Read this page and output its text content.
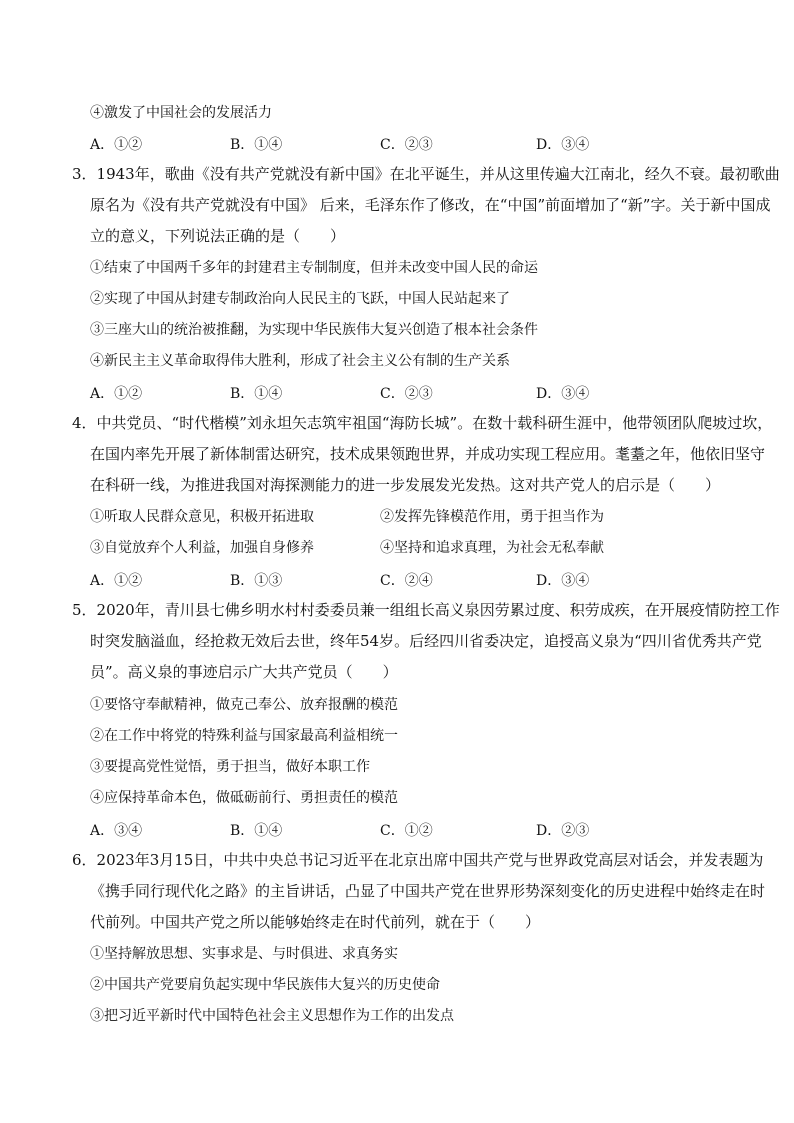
④激发了中国社会的发展活力
A．①②	B．①④	C．②③	D．③④
3．1943年，歌曲《没有共产党就没有新中国》在北平诞生，并从这里传遍大江南北，经久不衰。最初歌曲
原名为《没有共产党就没有中国》 后来，毛泽东作了修改，在“中国”前面增加了“新”字。关于新中国成
立的意义，下列说法正确的是（　　）
①结束了中国两千多年的封建君主专制制度，但并未改变中国人民的命运
②实现了中国从封建专制政治向人民民主的飞跃，中国人民站起来了
③三座大山的统治被推翻，为实现中华民族伟大复兴创造了根本社会条件
④新民主主义革命取得伟大胜利，形成了社会主义公有制的生产关系
A．①②	B．①④	C．②③	D．③④
4．中共党员、“时代楷模”刘永坦矢志筑牢祖国“海防长城”。在数十载科研生涯中，他带领团队爬坡过坎，
在国内率先开展了新体制雷达研究，技术成果领跑世界，并成功实现工程应用。耄耋之年，他依旧坚守
在科研一线，为推进我国对海探测能力的进一步发展发光发热。这对共产党人的启示是（　　）
①听取人民群众意见，积极开拓进取	②发挥先锋模范作用，勇于担当作为
③自觉放弃个人利益，加强自身修养	④坚持和追求真理，为社会无私奉献
A．①②	B．①③	C．②④	D．③④
5．2020年，青川县七佛乡明水村村委委员兼一组组长高义泉因劳累过度、积劳成疾，在开展疫情防控工作
时突发脑溢血，经抢救无效后去世，终年54岁。后经四川省委决定，追授高义泉为“四川省优秀共产党
员”。高义泉的事迹启示广大共产党员（　　）
①要恪守奉献精神，做克己奉公、放弃报酬的模范
②在工作中将党的特殊利益与国家最高利益相统一
③要提高党性觉悟，勇于担当，做好本职工作
④应保持革命本色，做砥砺前行、勇担责任的模范
A．③④	B．①④	C．①②	D．②③
6．2023年3月15日，中共中央总书记习近平在北京出席中国共产党与世界政党高层对话会，并发表题为
《携手同行现代化之路》的主旨讲话，凸显了中国共产党在世界形势深刻变化的历史进程中始终走在时
代前列。中国共产党之所以能够始终走在时代前列，就在于（　　）
①坚持解放思想、实事求是、与时俱进、求真务实
②中国共产党要肩负起实现中华民族伟大复兴的历史使命
③把习近平新时代中国特色社会主义思想作为工作的出发点
